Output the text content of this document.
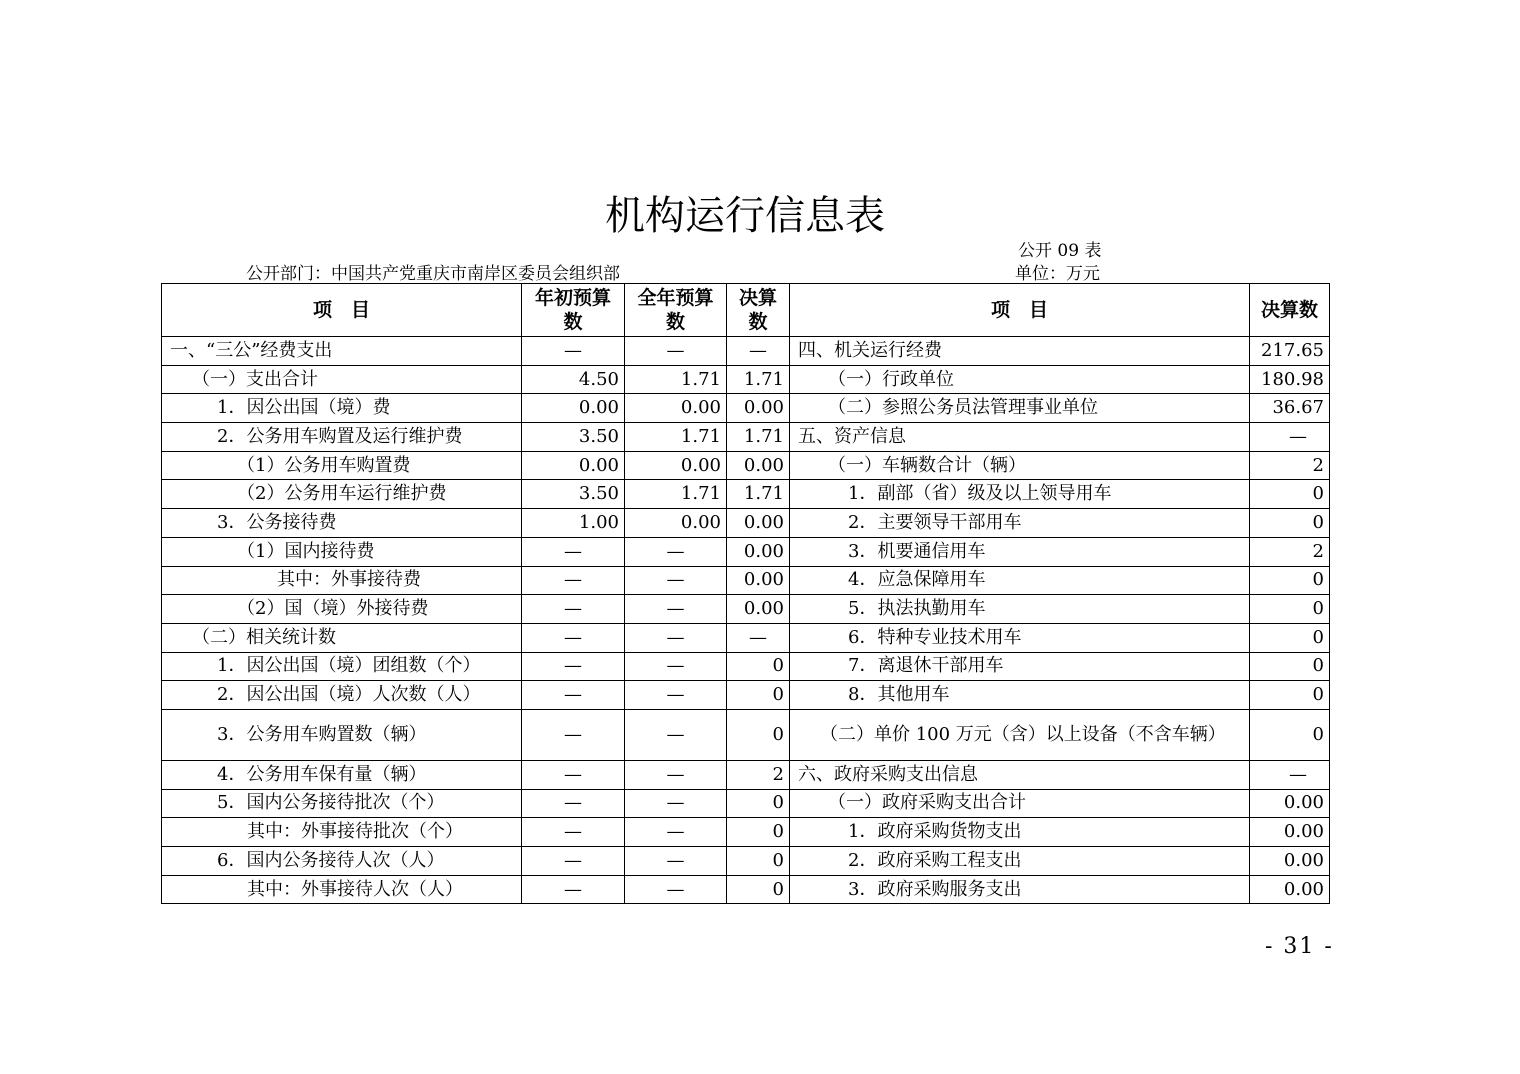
机构运行信息表
公开 09 表
公开部门：中国共产党重庆市南岸区委员会组织部	单位：万元
项　目	年初预算数	全年预算数	决算数	项　目	决算数
一、“三公”经费支出	—	—	—	四、机关运行经费	217.65
（一）支出合计	4.50	1.71	1.71	（一）行政单位	180.98
1．因公出国（境）费	0.00	0.00	0.00	（二）参照公务员法管理事业单位	36.67
2．公务用车购置及运行维护费	3.50	1.71	1.71	五、资产信息	—
（1）公务用车购置费	0.00	0.00	0.00	（一）车辆数合计（辆）	2
（2）公务用车运行维护费	3.50	1.71	1.71	1．副部（省）级及以上领导用车	0
3．公务接待费	1.00	0.00	0.00	2．主要领导干部用车	0
（1）国内接待费	—	—	0.00	3．机要通信用车	2
其中：外事接待费	—	—	0.00	4．应急保障用车	0
（2）国（境）外接待费	—	—	0.00	5．执法执勤用车	0
（二）相关统计数	—	—	—	6．特种专业技术用车	0
1．因公出国（境）团组数（个）	—	—	0	7．离退休干部用车	0
2．因公出国（境）人次数（人）	—	—	0	8．其他用车	0
3．公务用车购置数（辆）	—	—	0	（二）单价 100 万元（含）以上设备（不含车辆）	0
4．公务用车保有量（辆）	—	—	2	六、政府采购支出信息	—
5．国内公务接待批次（个）	—	—	0	（一）政府采购支出合计	0.00
其中：外事接待批次（个）	—	—	0	1．政府采购货物支出	0.00
6．国内公务接待人次（人）	—	—	0	2．政府采购工程支出	0.00
其中：外事接待人次（人）	—	—	0	3．政府采购服务支出	0.00
- 31 -
